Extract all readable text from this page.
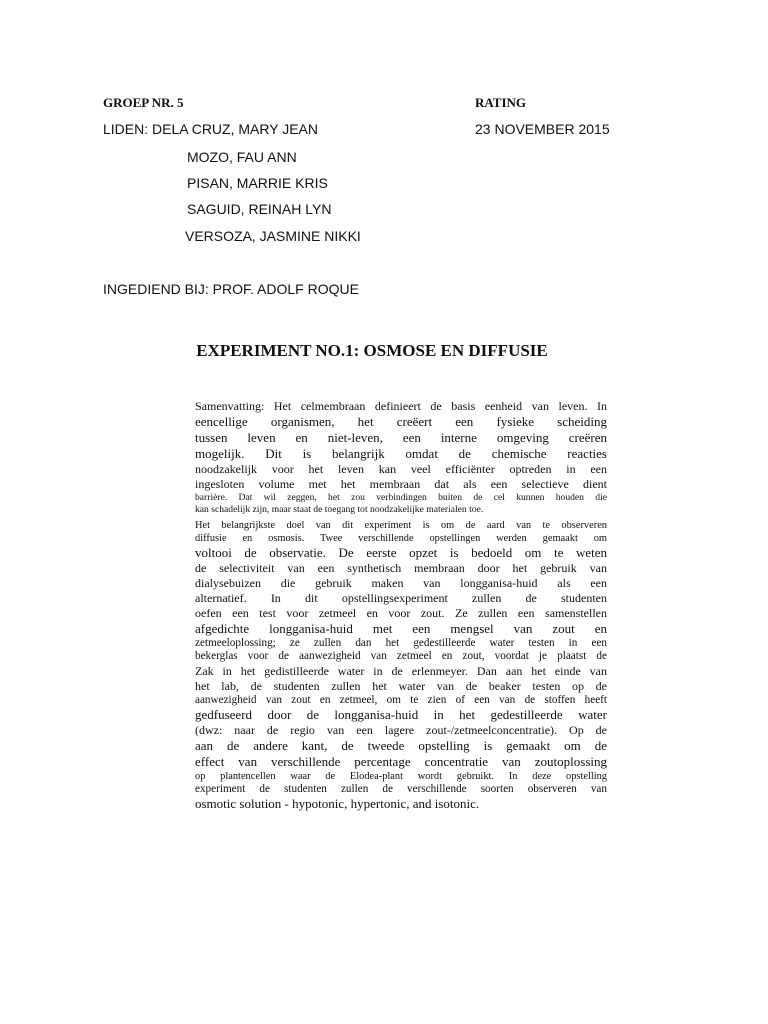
GROEP NR. 5	RATING
LIDEN: DELA CRUZ, MARY JEAN	23 NOVEMBER 2015
MOZO, FAU ANN
PISAN, MARRIE KRIS
SAGUID, REINAH LYN
VERSOZA, JASMINE NIKKI
INGEDIEND BIJ: PROF. ADOLF ROQUE
EXPERIMENT NO.1: OSMOSE EN DIFFUSIE
Samenvatting: Het celmembraan definieert de basis eenheid van leven. In
eencellige organismen, het creëert een fysieke scheiding
tussen leven en niet-leven, een interne omgeving creëren
mogelijk. Dit is belangrijk omdat de chemische reacties
noodzakelijk voor het leven kan veel efficiënter optreden in een
ingesloten volume met het membraan dat als een selectieve dient
barrière. Dat wil zeggen, het zou verbindingen buiten de cel kunnen houden die
kan schadelijk zijn, maar staat de toegang tot noodzakelijke materialen toe.
Het belangrijkste doel van dit experiment is om de aard van te observeren
diffusie en osmosis. Twee verschillende opstellingen werden gemaakt om
voltooi de observatie. De eerste opzet is bedoeld om te weten
de selectiviteit van een synthetisch membraan door het gebruik van
dialysebuizen die gebruik maken van longganisa-huid als een
alternatief. In dit opstellingsexperiment zullen de studenten
oefen een test voor zetmeel en voor zout. Ze zullen een samenstellen
afgedichte longganisa-huid met een mengsel van zout en
zetmeeloplossing; ze zullen dan het gedestilleerde water testen in een
bekerglas voor de aanwezigheid van zetmeel en zout, voordat je plaatst de
Zak in het gedistilleerde water in de erlenmeyer. Dan aan het einde van
het lab, de studenten zullen het water van de beaker testen op de
aanwezigheid van zout en zetmeel, om te zien of een van de stoffen heeft
gedfuseerd door de longganisa-huid in het gedestilleerde water
(dwz: naar de regio van een lagere zout-/zetmeelconcentratie). Op de
aan de andere kant, de tweede opstelling is gemaakt om de
effect van verschillende percentage concentratie van zoutoplossing
op plantencellen waar de Elodea-plant wordt gebruikt. In deze opstelling
experiment de studenten zullen de verschillende soorten observeren van
osmotic solution - hypotonic, hypertonic, and isotonic.
